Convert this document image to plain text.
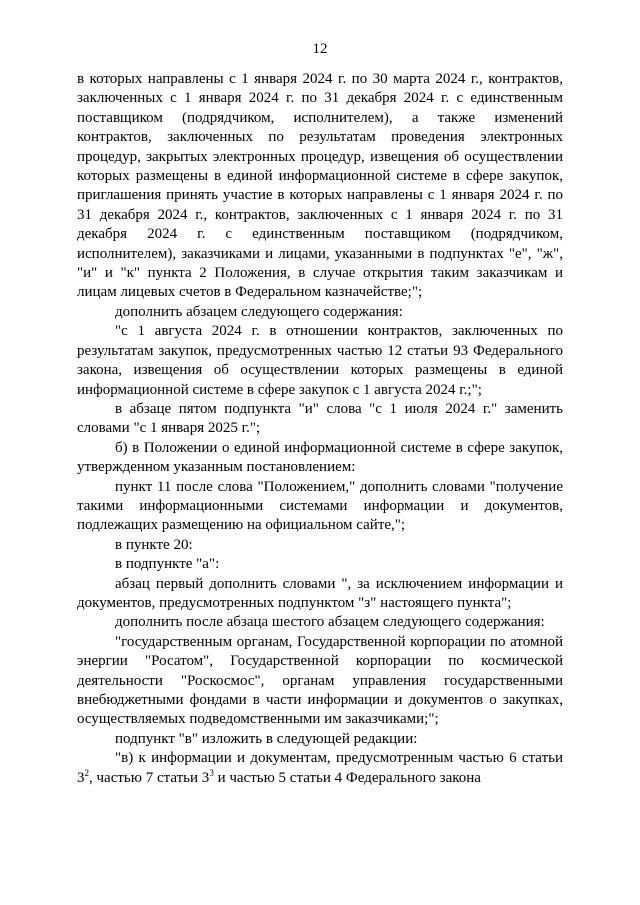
12

в которых направлены с 1 января 2024 г. по 30 марта 2024 г., контрактов, заключенных с 1 января 2024 г. по 31 декабря 2024 г. с единственным поставщиком (подрядчиком, исполнителем), а также изменений контрактов, заключенных по результатам проведения электронных процедур, закрытых электронных процедур, извещения об осуществлении которых размещены в единой информационной системе в сфере закупок, приглашения принять участие в которых направлены с 1 января 2024 г. по 31 декабря 2024 г., контрактов, заключенных с 1 января 2024 г. по 31 декабря 2024 г. с единственным поставщиком (подрядчиком, исполнителем), заказчиками и лицами, указанными в подпунктах "е", "ж", "и" и "к" пункта 2 Положения, в случае открытия таким заказчикам и лицам лицевых счетов в Федеральном казначействе;";

дополнить абзацем следующего содержания:

"с 1 августа 2024 г. в отношении контрактов, заключенных по результатам закупок, предусмотренных частью 12 статьи 93 Федерального закона, извещения об осуществлении которых размещены в единой информационной системе в сфере закупок с 1 августа 2024 г.;";

в абзаце пятом подпункта "и" слова "с 1 июля 2024 г." заменить словами "с 1 января 2025 г.";

б) в Положении о единой информационной системе в сфере закупок, утвержденном указанным постановлением:

пункт 11 после слова "Положением," дополнить словами "получение такими информационными системами информации и документов, подлежащих размещению на официальном сайте,";

в пункте 20:

в подпункте "а":

абзац первый дополнить словами ", за исключением информации и документов, предусмотренных подпунктом "з" настоящего пункта";

дополнить после абзаца шестого абзацем следующего содержания:

"государственным органам, Государственной корпорации по атомной энергии "Росатом", Государственной корпорации по космической деятельности "Роскосмос", органам управления государственными внебюджетными фондами в части информации и документов о закупках, осуществляемых подведомственными им заказчиками;";

подпункт "в" изложить в следующей редакции:

"в) к информации и документам, предусмотренным частью 6 статьи $3^2$, частью 7 статьи $3^3$ и частью 5 статьи 4 Федерального закона
